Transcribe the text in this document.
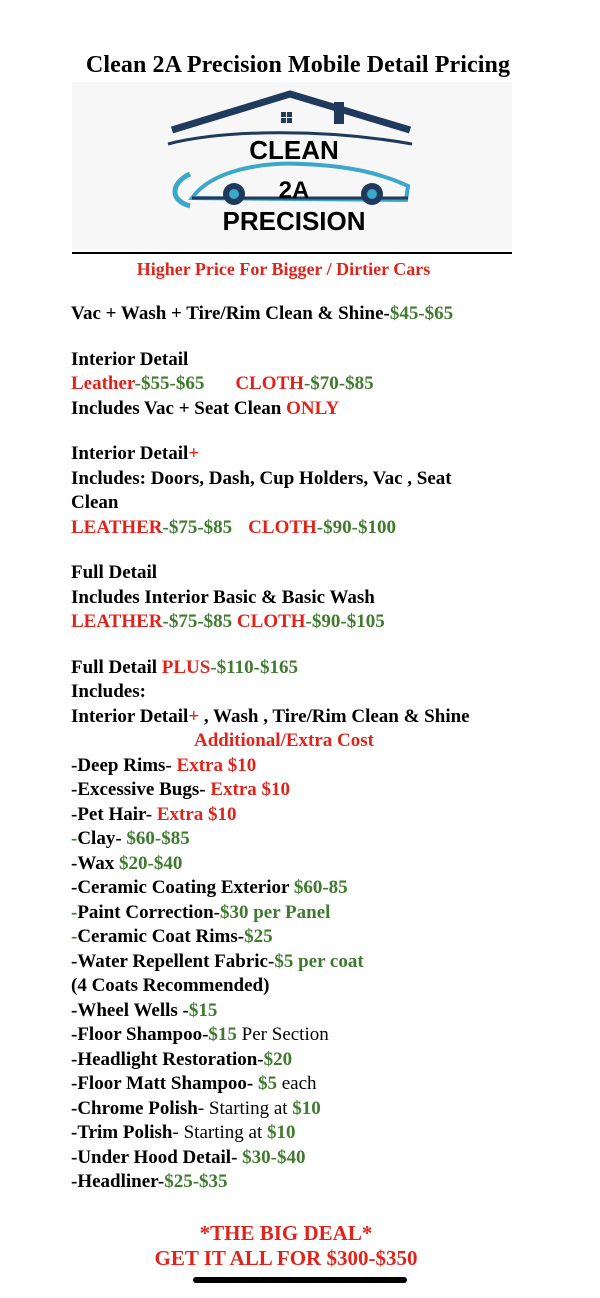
Clean 2A Precision Mobile Detail Pricing
CLEAN
2A
PRECISION
Higher Price For Bigger / Dirtier Cars

Vac + Wash + Tire/Rim Clean & Shine-$45-$65

Interior Detail

Leather-$55-$65 CLOTH-$70-$85

Includes Vac + Seat Clean ONLY

Interior Detail+

Includes: Doors, Dash, Cup Holders, Vac , Seat

Clean

LEATHER-$75-$85 CLOTH-$90-$100

Full Detail

Includes Interior Basic & Basic Wash

LEATHER-$75-$85 CLOTH-$90-$105

Full Detail PLUS-$110-$165

Includes:

Interior Detail+ , Wash , Tire/Rim Clean & Shine

Additional/Extra Cost

-Deep Rims- Extra $10

-Excessive Bugs- Extra $10

-Pet Hair- Extra $10

-Clay- $60-$85

-Wax $20-$40

-Ceramic Coating Exterior $60-85

-Paint Correction-$30 per Panel

-Ceramic Coat Rims-$25

-Water Repellent Fabric-$5 per coat

(4 Coats Recommended)

-Wheel Wells -$15

-Floor Shampoo-$15 Per Section

-Headlight Restoration-$20

-Floor Matt Shampoo- $5 each

-Chrome Polish- Starting at $10

-Trim Polish- Starting at $10

-Under Hood Detail- $30-$40

-Headliner-$25-$35

*THE BIG DEAL*
GET IT ALL FOR $300-$350
